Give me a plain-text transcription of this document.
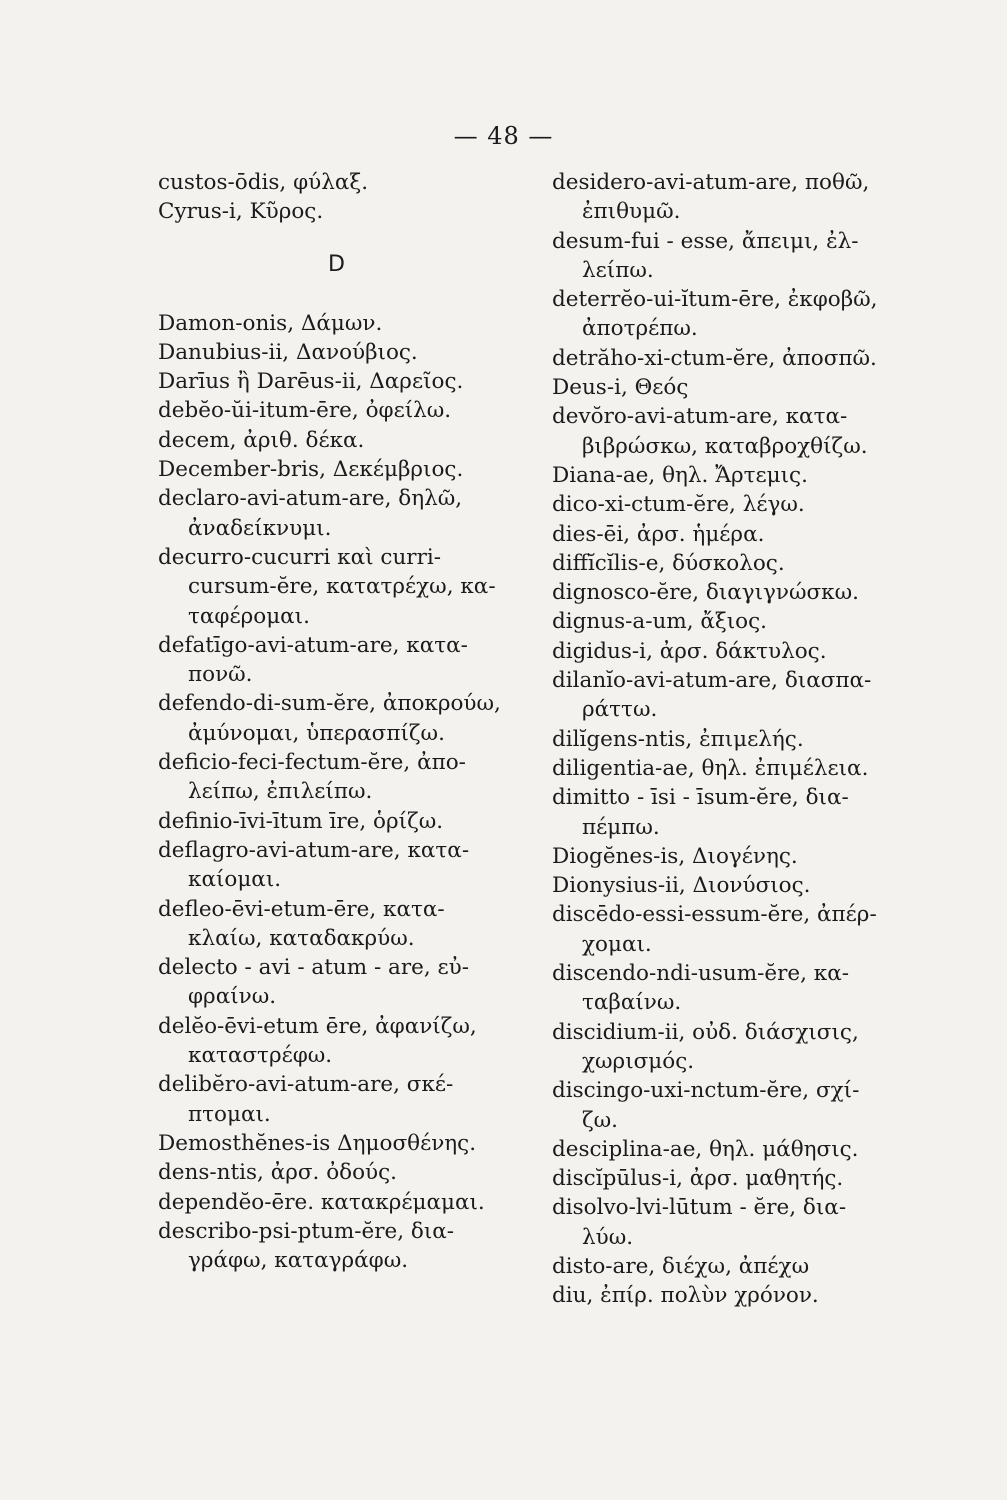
— 48 —
custos-ōdis, φύλαξ.
Cyrus-i, Κῦρος.
D
Damon-onis, Δάμων.
Danubius-ii, Δανούβιος.
Darīus ἢ Darēus-ii, Δαρεῖος.
debĕo-ŭi-itum-ēre, ὀφείλω.
decem, ἀριθ. δέκα.
December-bris, Δεκέμβριος.
declaro-avi-atum-are, δηλῶ,
ἀναδείκνυμι.
decurro-cucurri καὶ curri-
cursum-ĕre, κατατρέχω, κα-
ταφέρομαι.
defatīgo-avi-atum-are, κατα-
πονῶ.
defendo-di-sum-ĕre, ἀποκρούω,
ἀμύνομαι, ὑπερασπίζω.
deficio-feci-fectum-ĕre, ἀπο-
λείπω, ἐπιλείπω.
definio-īvi-ītum īre, ὁρίζω.
deflagro-avi-atum-are, κατα-
καίομαι.
defleo-ēvi-etum-ēre, κατα-
κλαίω, καταδακρύω.
delecto - avi - atum - are, εὐ-
φραίνω.
delĕo-ēvi-etum ēre, ἀφανίζω,
καταστρέφω.
delibĕro-avi-atum-are, σκέ-
πτομαι.
Demosthĕnes-is Δημοσθένης.
dens-ntis, ἀρσ. ὀδούς.
dependĕo-ēre. κατακρέμαμαι.
describo-psi-ptum-ĕre, δια-
γράφω, καταγράφω.
desidero-avi-atum-are, ποθῶ,
ἐπιθυμῶ.
desum-fui - esse, ἄπειμι, ἐλ-
λείπω.
deterrĕo-ui-ĭtum-ēre, ἐκφοβῶ,
ἀποτρέπω.
detrăho-xi-ctum-ĕre, ἀποσπῶ.
Deus-i, Θεός
devŏro-avi-atum-are, κατα-
βιβρώσκω, καταβροχθίζω.
Diana-ae, θηλ. Ἄρτεμις.
dico-xi-ctum-ĕre, λέγω.
dies-ēi, ἀρσ. ἡμέρα.
diffĭcĭlis-e, δύσκολος.
dignosco-ĕre, διαγιγνώσκω.
dignus-a-um, ἄξιος.
digidus-i, ἀρσ. δάκτυλος.
dilanĭo-avi-atum-are, διασπα-
ράττω.
dilĭgens-ntis, ἐπιμελής.
diligentia-ae, θηλ. ἐπιμέλεια.
dimitto - īsi - īsum-ĕre, δια-
πέμπω.
Diogĕnes-is, Διογένης.
Dionysius-ii, Διονύσιος.
discēdo-essi-essum-ĕre, ἀπέρ-
χομαι.
discendo-ndi-usum-ĕre, κα-
ταβαίνω.
discidium-ii, οὐδ. διάσχισις,
χωρισμός.
discingo-uxi-nctum-ĕre, σχί-
ζω.
desciplina-ae, θηλ. μάθησις.
discĭpūlus-i, ἀρσ. μαθητής.
disolvo-lvi-lūtum - ĕre, δια-
λύω.
disto-are, διέχω, ἀπέχω
diu, ἐπίρ. πολὺν χρόνον.
